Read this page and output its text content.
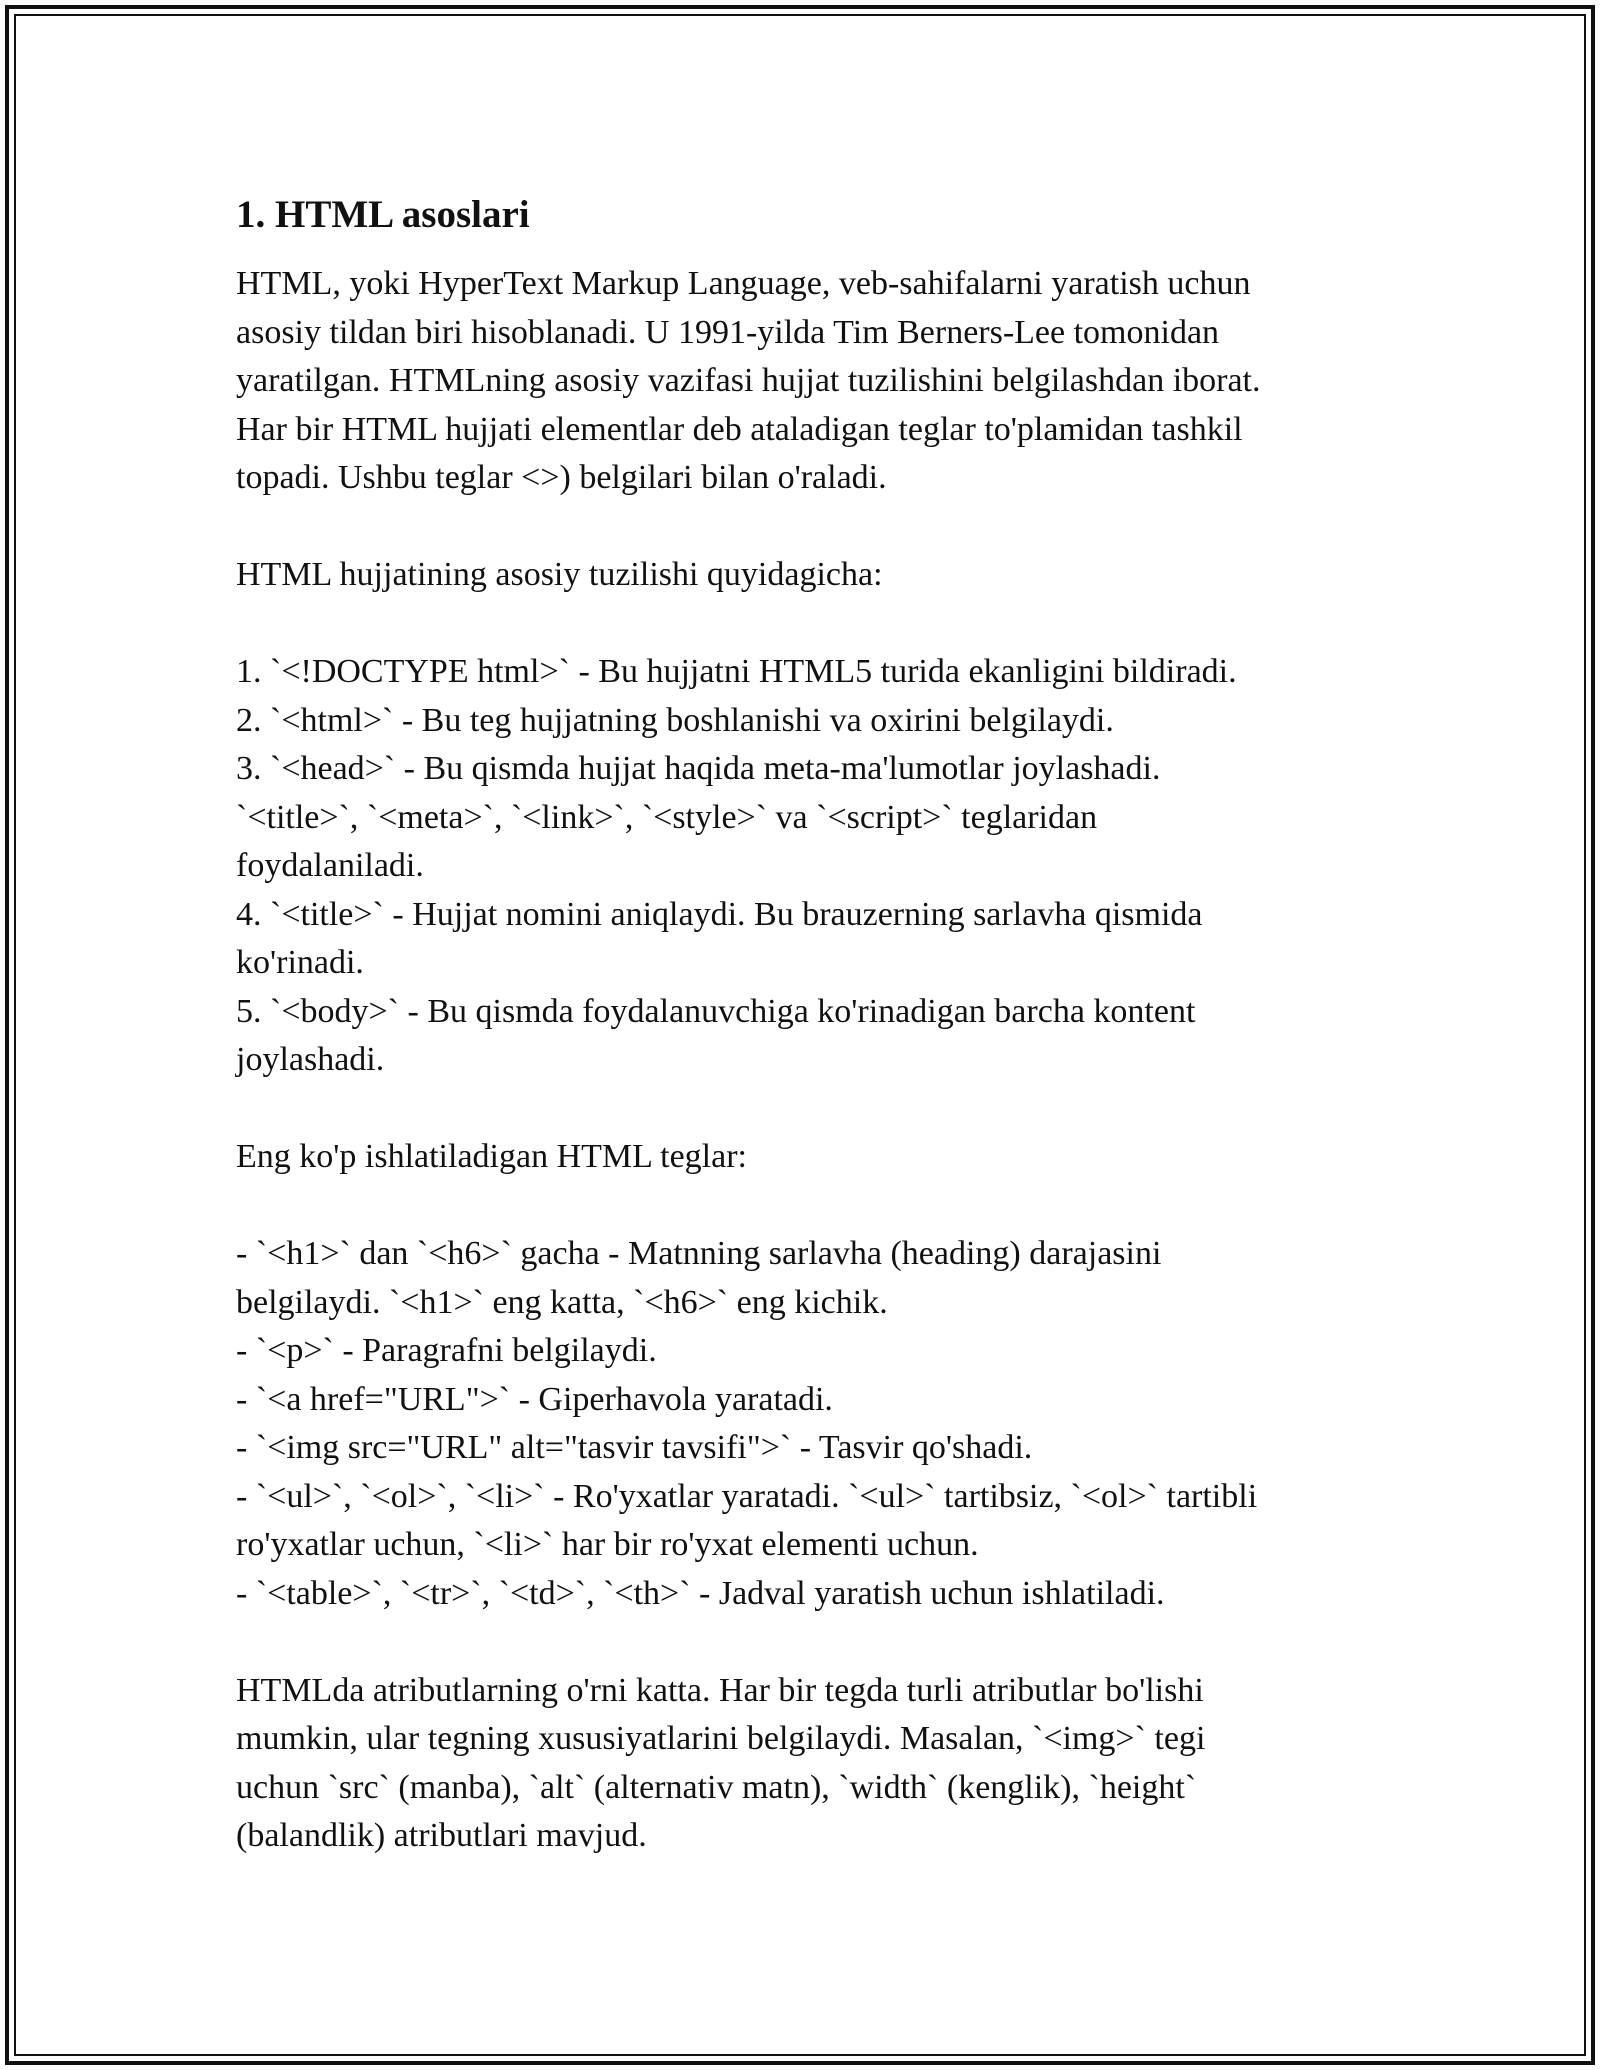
1. HTML asoslari
HTML, yoki HyperText Markup Language, veb-sahifalarni yaratish uchun
asosiy tildan biri hisoblanadi. U 1991-yilda Tim Berners-Lee tomonidan
yaratilgan. HTMLning asosiy vazifasi hujjat tuzilishini belgilashdan iborat.
Har bir HTML hujjati elementlar deb ataladigan teglar to'plamidan tashkil
topadi. Ushbu teglar <>) belgilari bilan o'raladi.
HTML hujjatining asosiy tuzilishi quyidagicha:
1. `<!DOCTYPE html>` - Bu hujjatni HTML5 turida ekanligini bildiradi.
2. `<html>` - Bu teg hujjatning boshlanishi va oxirini belgilaydi.
3. `<head>` - Bu qismda hujjat haqida meta-ma'lumotlar joylashadi.
`<title>`, `<meta>`, `<link>`, `<style>` va `<script>` teglaridan
foydalaniladi.
4. `<title>` - Hujjat nomini aniqlaydi. Bu brauzerning sarlavha qismida
ko'rinadi.
5. `<body>` - Bu qismda foydalanuvchiga ko'rinadigan barcha kontent
joylashadi.
Eng ko'p ishlatiladigan HTML teglar:
- `<h1>` dan `<h6>` gacha - Matnning sarlavha (heading) darajasini
belgilaydi. `<h1>` eng katta, `<h6>` eng kichik.
- `<p>` - Paragrafni belgilaydi.
- `<a href="URL">` - Giperhavola yaratadi.
- `<img src="URL" alt="tasvir tavsifi">` - Tasvir qo'shadi.
- `<ul>`, `<ol>`, `<li>` - Ro'yxatlar yaratadi. `<ul>` tartibsiz, `<ol>` tartibli
ro'yxatlar uchun, `<li>` har bir ro'yxat elementi uchun.
- `<table>`, `<tr>`, `<td>`, `<th>` - Jadval yaratish uchun ishlatiladi.
HTMLda atributlarning o'rni katta. Har bir tegda turli atributlar bo'lishi
mumkin, ular tegning xususiyatlarini belgilaydi. Masalan, `<img>` tegi
uchun `src` (manba), `alt` (alternativ matn), `width` (kenglik), `height`
(balandlik) atributlari mavjud.
